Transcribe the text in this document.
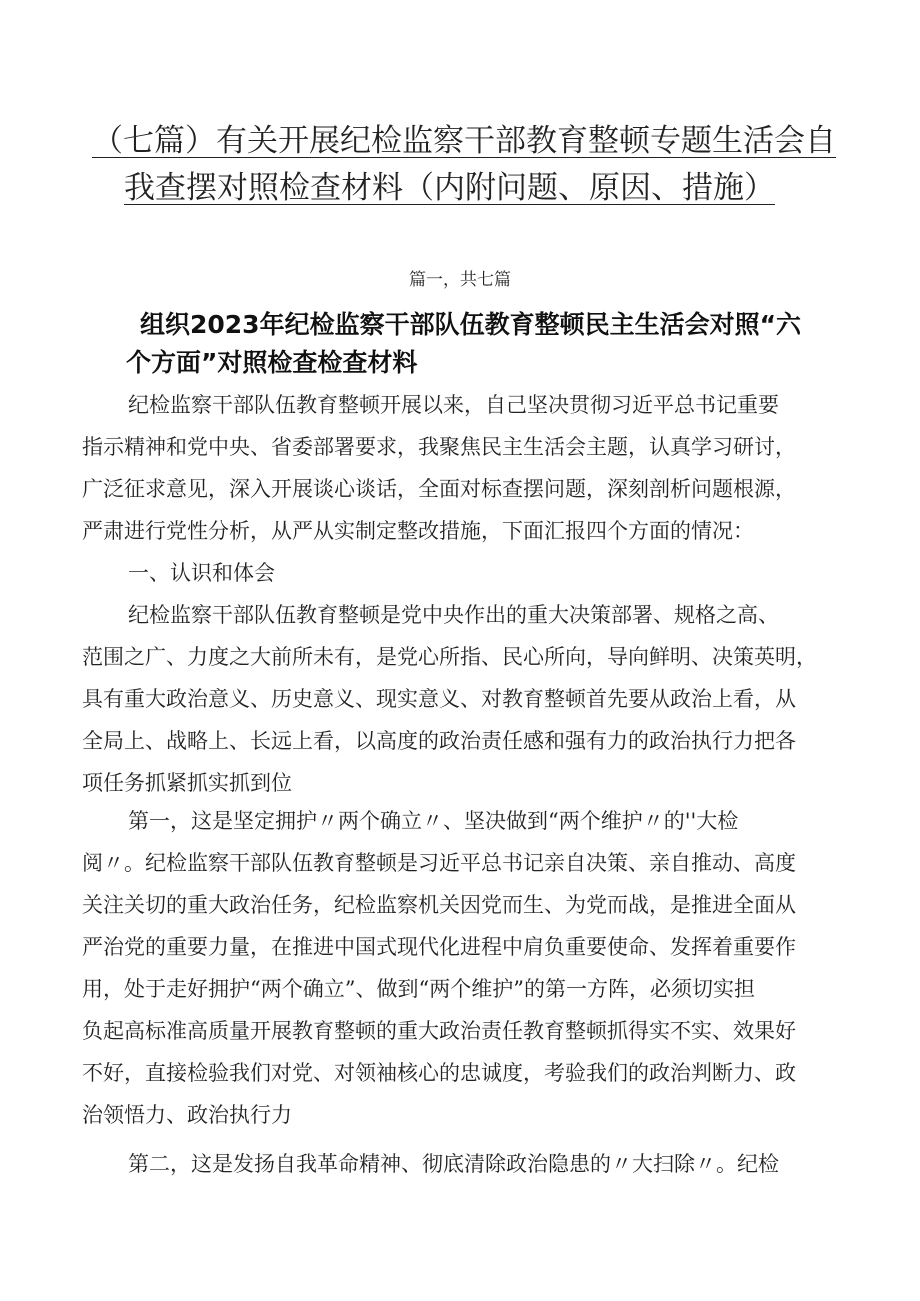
（七篇）有关开展纪检监察干部教育整顿专题生活会自
我查摆对照检查材料（内附问题、原因、措施）
篇一，共七篇
组织2023年纪检监察干部队伍教育整顿民主生活会对照“六
个方面”对照检查检查材料
纪检监察干部队伍教育整顿开展以来，自己坚决贯彻习近平总书记重要
指示精神和党中央、省委部署要求，我聚焦民主生活会主题，认真学习研讨，
广泛征求意见，深入开展谈心谈话，全面对标查摆问题，深刻剖析问题根源，
严肃进行党性分析，从严从实制定整改措施，下面汇报四个方面的情况：
一、认识和体会
纪检监察干部队伍教育整顿是党中央作出的重大决策部署、规格之高、
范围之广、力度之大前所未有，是党心所指、民心所向，导向鲜明、决策英明，
具有重大政治意义、历史意义、现实意义、对教育整顿首先要从政治上看，从
全局上、战略上、长远上看，以高度的政治责任感和强有力的政治执行力把各
项任务抓紧抓实抓到位
第一，这是坚定拥护〃两个确立〃、坚决做到“两个维护〃的''大检
阅〃。纪检监察干部队伍教育整顿是习近平总书记亲自决策、亲自推动、高度
关注关切的重大政治任务，纪检监察机关因党而生、为党而战，是推进全面从
严治党的重要力量，在推进中国式现代化进程中肩负重要使命、发挥着重要作
用，处于走好拥护“两个确立”、做到“两个维护”的第一方阵，必须切实担
负起高标准高质量开展教育整顿的重大政治责任教育整顿抓得实不实、效果好
不好，直接检验我们对党、对领袖核心的忠诚度，考验我们的政治判断力、政
治领悟力、政治执行力
第二，这是发扬自我革命精神、彻底清除政治隐患的〃大扫除〃。纪检
